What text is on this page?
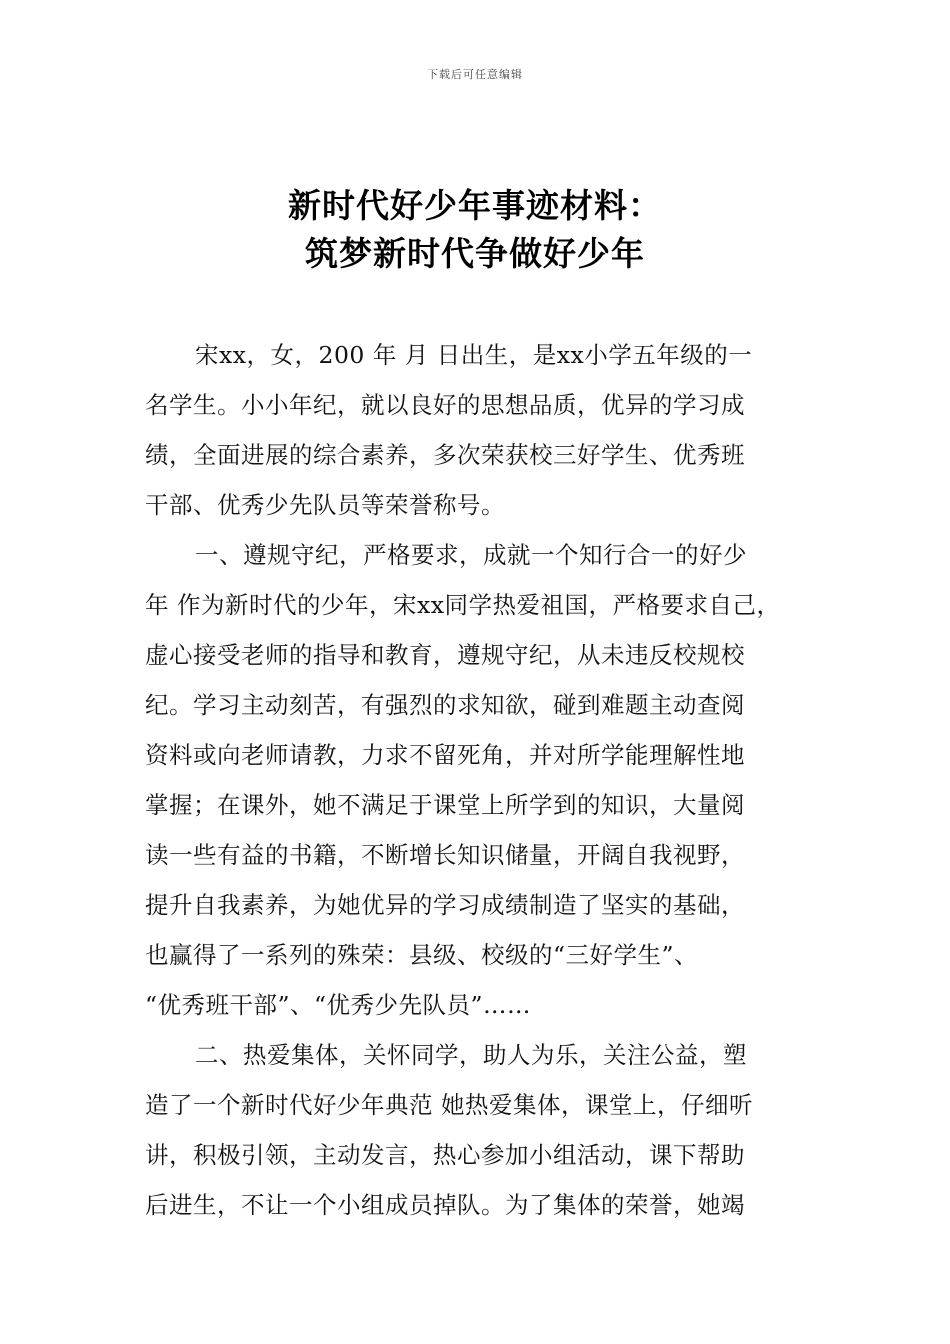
下载后可任意编辑
新时代好少年事迹材料：
筑梦新时代争做好少年
宋xx，女，200 年 月 日出生，是xx小学五年级的一
名学生。小小年纪，就以良好的思想品质，优异的学习成
绩，全面进展的综合素养，多次荣获校三好学生、优秀班
干部、优秀少先队员等荣誉称号。
一、遵规守纪，严格要求，成就一个知行合一的好少
年 作为新时代的少年，宋xx同学热爱祖国，严格要求自己，
虚心接受老师的指导和教育，遵规守纪，从未违反校规校
纪。学习主动刻苦，有强烈的求知欲，碰到难题主动查阅
资料或向老师请教，力求不留死角，并对所学能理解性地
掌握；在课外，她不满足于课堂上所学到的知识，大量阅
读一些有益的书籍，不断增长知识储量，开阔自我视野，
提升自我素养，为她优异的学习成绩制造了坚实的基础，
也赢得了一系列的殊荣：县级、校级的“三好学生”、
“优秀班干部”、“优秀少先队员”……
二、热爱集体，关怀同学，助人为乐，关注公益，塑
造了一个新时代好少年典范 她热爱集体，课堂上，仔细听
讲，积极引领，主动发言，热心参加小组活动，课下帮助
后进生，不让一个小组成员掉队。为了集体的荣誉，她竭
